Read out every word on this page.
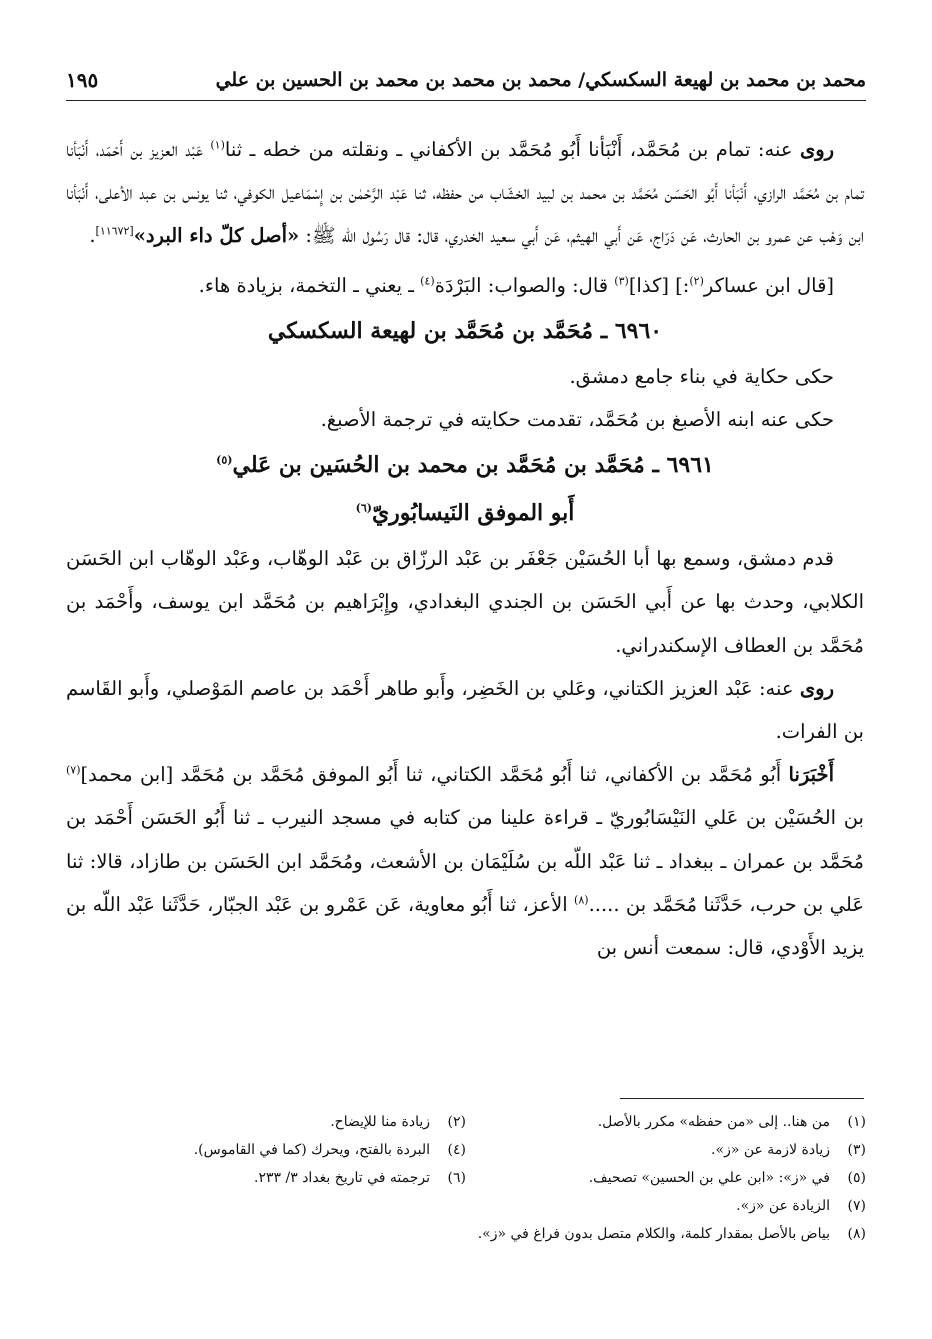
محمد بن محمد بن لهيعة السكسكي/ محمد بن محمد بن محمد بن الحسين بن علي
١٩٥

روى عنه: تمام بن مُحَمَّد، أَنْبَأنا أَبُو مُحَمَّد بن الأكفاني ـ ونقلته من خطه ـ ثنا$^{(١)}$ عَبْد العزيز بن أَحْمَد، أَنْبَأنا تمام بن مُحَمَّد الرازي، أَنْبَأنا أَبُو الحَسَن مُحَمَّد بن محمد بن لبيد الخشّاب من حفظه، ثنا عَبْد الرَّحْمٰن بن إِسْمَاعيل الكوفي، ثنا يونس بن عبد الأعلى، أَنْبَأنا ابن وَهْب عن عمرو بن الحارث، عَن دَرّاج، عَن أَبي الهيثم، عَن أَبي سعيد الخدري، قال: قال رَسُول الله ﷺ: «أصل كلّ داء البرد»[١١٦٧٢].

[قال ابن عساكر$^{(٢)}$:] [كذا]$^{(٣)}$ قال: والصواب: البَرْدَة$^{(٤)}$ ـ يعني ـ التخمة، بزيادة هاء.

٦٩٦٠ ـ مُحَمَّد بن مُحَمَّد بن لهيعة السكسكي

حكى حكاية في بناء جامع دمشق.

حكى عنه ابنه الأصبغ بن مُحَمَّد، تقدمت حكايته في ترجمة الأصبغ.

٦٩٦١ ـ مُحَمَّد بن مُحَمَّد بن محمد بن الحُسَين بن عَلي$^{(٥)}$

أَبو الموفق النَيسابُوريّ$^{(٦)}$

قدم دمشق، وسمع بها أبا الحُسَيْن جَعْفَر بن عَبْد الرزّاق بن عَبْد الوهّاب، وعَبْد الوهّاب ابن الحَسَن الكلابي، وحدث بها عن أَبي الحَسَن بن الجندي البغدادي، وإِبْرَاهيم بن مُحَمَّد ابن يوسف، وأَحْمَد بن مُحَمَّد بن العطاف الإسكندراني.

روى عنه: عَبْد العزيز الكتاني، وعَلي بن الخَضِر، وأَبو طاهر أَحْمَد بن عاصم المَوْصلي، وأَبو القَاسم بن الفرات.

أَخْبَرَنا أَبُو مُحَمَّد بن الأكفاني، ثنا أَبُو مُحَمَّد الكتاني، ثنا أَبُو الموفق مُحَمَّد بن مُحَمَّد [ابن محمد]$^{(٧)}$ بن الحُسَيْن بن عَلي النَيْسَابُوريّ ـ قراءة علينا من كتابه في مسجد النيرب ـ ثنا أَبُو الحَسَن أَحْمَد بن مُحَمَّد بن عمران ـ ببغداد ـ ثنا عَبْد اللّه بن سُلَيْمَان بن الأشعث، ومُحَمَّد ابن الحَسَن بن طازاد، قالا: ثنا عَلي بن حرب، حَدَّثَنا مُحَمَّد بن .....$^{(٨)}$ الأعز، ثنا أَبُو معاوية، عَن عَمْرو بن عَبْد الجبّار، حَدَّثَنا عَبْد اللّه بن يزيد الأَوْدي، قال: سمعت أنس بن

(١)من هنا.. إلى «من حفظه» مكرر بالأصل.
(٢)زيادة منا للإيضاح.
(٣)زيادة لازمة عن «ز».
(٤)البردة بالفتح، ويحرك (كما في القاموس).
(٥)في «ز»: «ابن علي بن الحسين» تصحيف.
(٦)ترجمته في تاريخ بغداد ٣/ ٢٣٣.
(٧)الزيادة عن «ز».
(٨)بياض بالأصل بمقدار كلمة، والكلام متصل بدون فراغ في «ز».
